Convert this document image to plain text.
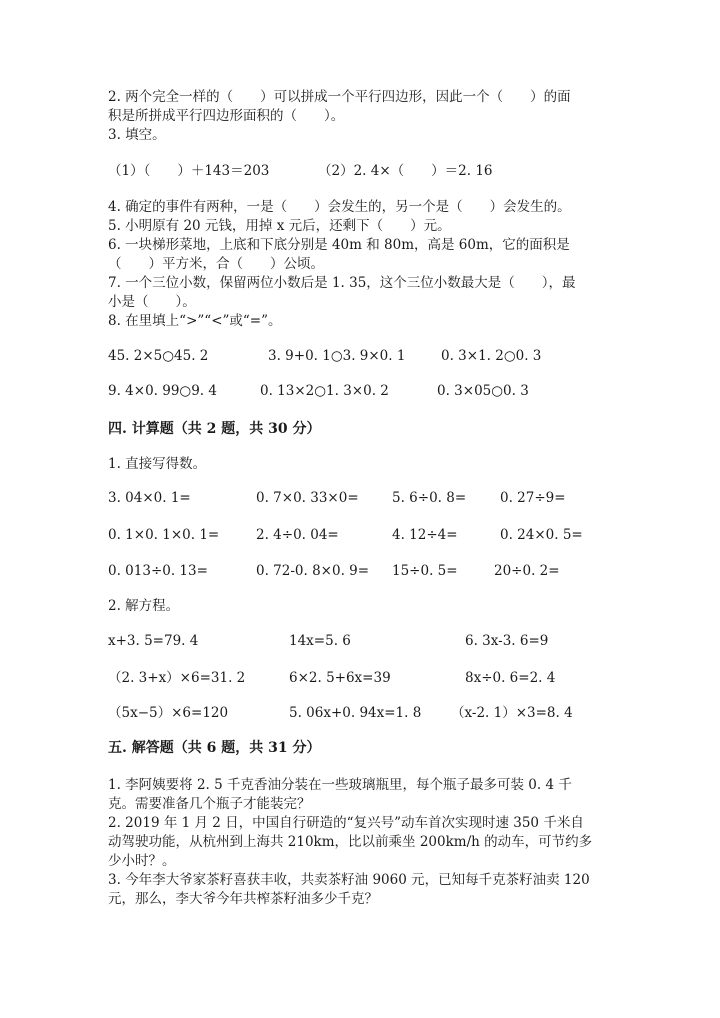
2. 两个完全一样的（　　）可以拼成一个平行四边形，因此一个（　　）的面
积是所拼成平行四边形面积的（　　）。
3. 填空。
（1）（　　）＋143＝203	（2）2. 4×（　　）＝2. 16
4. 确定的事件有两种，一是（　　）会发生的，另一个是（　　）会发生的。
5. 小明原有 20 元钱，用掉 x 元后，还剩下（　　）元。
6. 一块梯形菜地，上底和下底分别是 40m 和 80m，高是 60m，它的面积是
（　　）平方米，合（　　）公顷。
7. 一个三位小数，保留两位小数后是 1. 35，这个三位小数最大是（　　），最
小是（　　）。
8. 在里填上“>”“<”或“=”。
45. 2×5○45. 2	3. 9+0. 1○3. 9×0. 1	0. 3×1. 2○0. 3
9. 4×0. 99○9. 4	0. 13×2○1. 3×0. 2	0. 3×05○0. 3
四. 计算题（共 2 题，共 30 分）
1. 直接写得数。
3. 04×0. 1=	0. 7×0. 33×0= 5. 6÷0. 8=	0. 27÷9=
0. 1×0. 1×0. 1=	2. 4÷0. 04=	4. 12÷4=	0. 24×0. 5=
0. 013÷0. 13=	0. 72-0. 8×0. 9= 15÷0. 5=	20÷0. 2=
2. 解方程。
x+3. 5=79. 4	14x=5. 6	6. 3x-3. 6=9
（2. 3+x）×6=31. 2	6×2. 5+6x=39	8x÷0. 6=2. 4
（5x−5）×6=120	5. 06x+0. 94x=1. 8 （x-2. 1）×3=8. 4
五. 解答题（共 6 题，共 31 分）
1. 李阿姨要将 2. 5 千克香油分装在一些玻璃瓶里，每个瓶子最多可装 0. 4 千
克。需要准备几个瓶子才能装完？
2. 2019 年 1 月 2 日，中国自行研造的“复兴号”动车首次实现时速 350 千米自
动驾驶功能，从杭州到上海共 210km，比以前乘坐 200km/h 的动车，可节约多
少小时？。
3. 今年李大爷家茶籽喜获丰收，共卖茶籽油 9060 元，已知每千克茶籽油卖 120
元，那么，李大爷今年共榨茶籽油多少千克？
